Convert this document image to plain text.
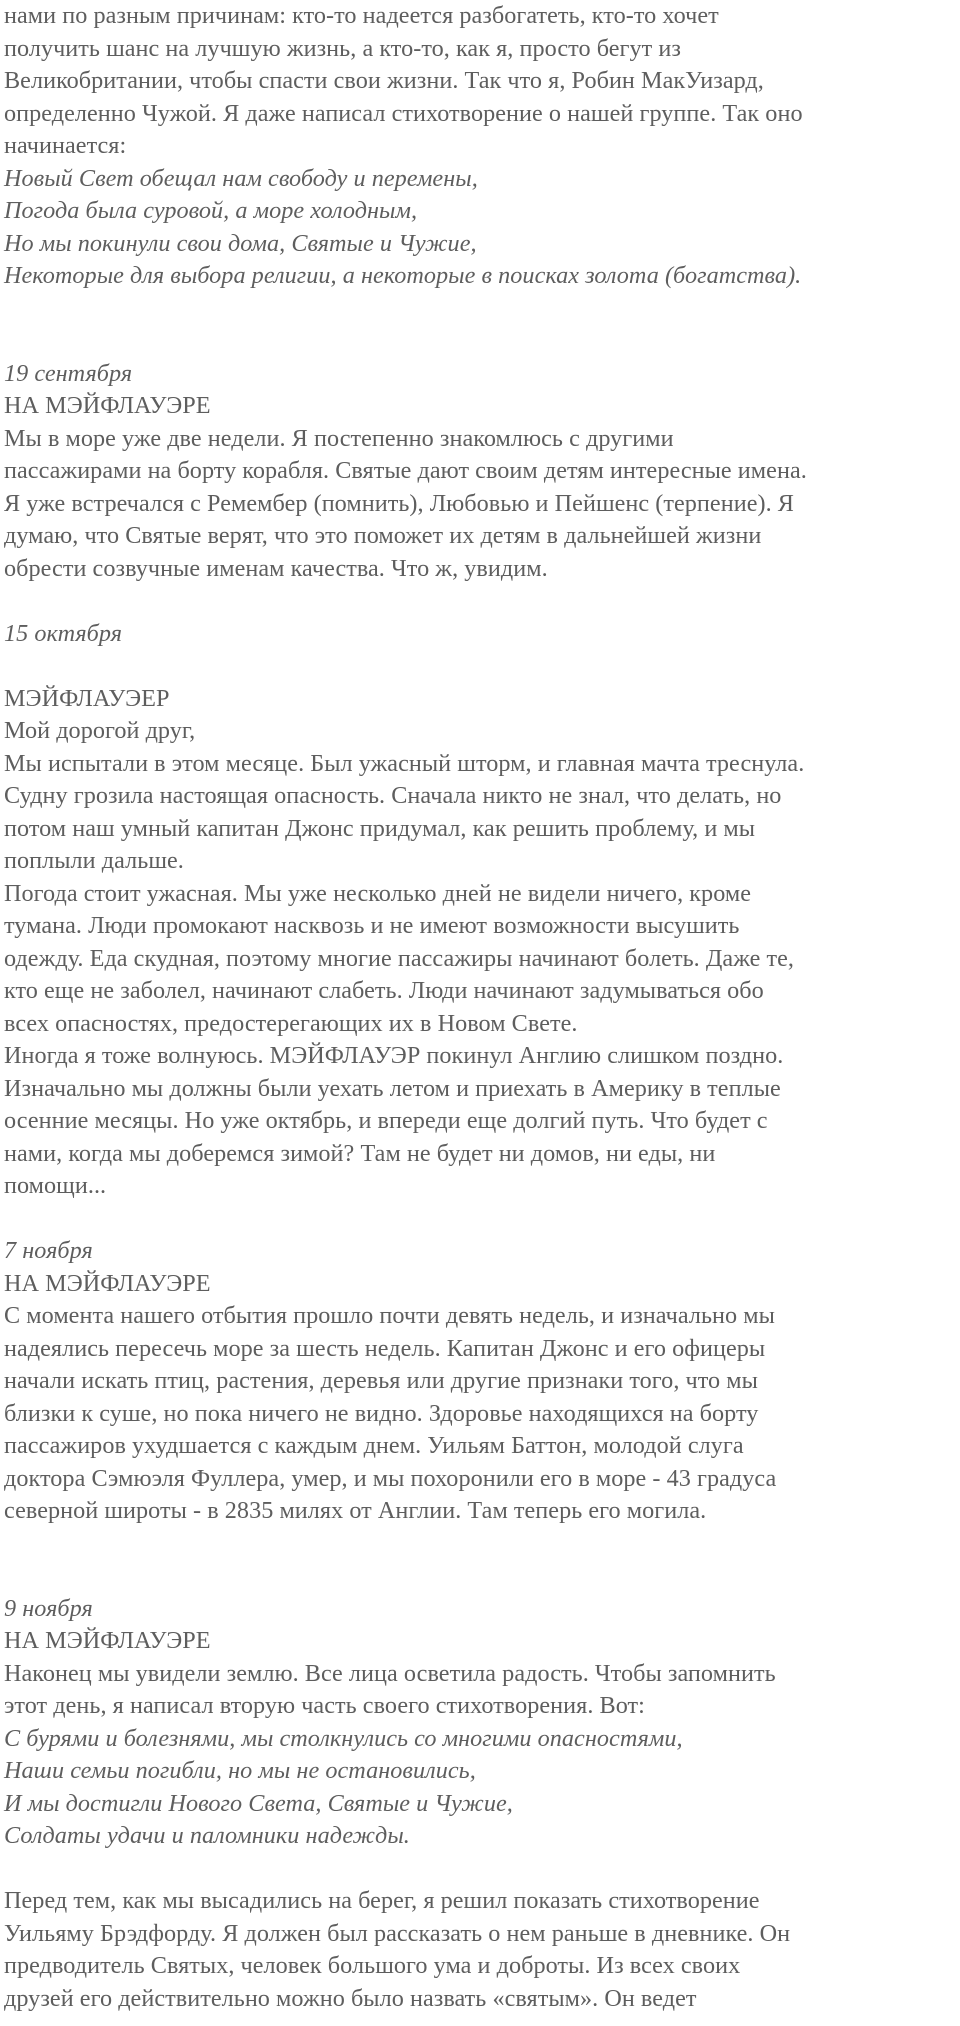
нами по разным причинам: кто-то надеется разбогатеть, кто-то хочет
получить шанс на лучшую жизнь, а кто-то, как я, просто бегут из
Великобритании, чтобы спасти свои жизни. Так что я, Робин МакУизард,
определенно Чужой. Я даже написал стихотворение о нашей группе. Так оно
начинается:
Новый Свет обещал нам свободу и перемены,
Погода была суровой, а море холодным,
Но мы покинули свои дома, Святые и Чужие,
Некоторые для выбора религии, а некоторые в поисках золота (богатства).
19 сентября
НА МЭЙФЛАУЭРЕ
Мы в море уже две недели. Я постепенно знакомлюсь с другими
пассажирами на борту корабля. Святые дают своим детям интересные имена.
Я уже встречался с Ремембер (помнить), Любовью и Пейшенс (терпение). Я
думаю, что Святые верят, что это поможет их детям в дальнейшей жизни
обрести созвучные именам качества. Что ж, увидим.
15 октября
МЭЙФЛАУЭЕР
Мой дорогой друг,
Мы испытали в этом месяце. Был ужасный шторм, и главная мачта треснула.
Судну грозила настоящая опасность. Сначала никто не знал, что делать, но
потом наш умный капитан Джонс придумал, как решить проблему, и мы
поплыли дальше.
Погода стоит ужасная. Мы уже несколько дней не видели ничего, кроме
тумана. Люди промокают насквозь и не имеют возможности высушить
одежду. Еда скудная, поэтому многие пассажиры начинают болеть. Даже те,
кто еще не заболел, начинают слабеть. Люди начинают задумываться обо
всех опасностях, предостерегающих их в Новом Свете.
Иногда я тоже волнуюсь. МЭЙФЛАУЭР покинул Англию слишком поздно.
Изначально мы должны были уехать летом и приехать в Америку в теплые
осенние месяцы. Но уже октябрь, и впереди еще долгий путь. Что будет с
нами, когда мы доберемся зимой? Там не будет ни домов, ни еды, ни
помощи...
7 ноября
НА МЭЙФЛАУЭРЕ
С момента нашего отбытия прошло почти девять недель, и изначально мы
надеялись пересечь море за шесть недель. Капитан Джонс и его офицеры
начали искать птиц, растения, деревья или другие признаки того, что мы
близки к суше, но пока ничего не видно. Здоровье находящихся на борту
пассажиров ухудшается с каждым днем. Уильям Баттон, молодой слуга
доктора Сэмюэля Фуллера, умер, и мы похоронили его в море - 43 градуса
северной широты - в 2835 милях от Англии. Там теперь его могила.
9 ноября
НА МЭЙФЛАУЭРЕ
Наконец мы увидели землю. Все лица осветила радость. Чтобы запомнить
этот день, я написал вторую часть своего стихотворения. Вот:
С бурями и болезнями, мы столкнулись со многими опасностями,
Наши семьи погибли, но мы не остановились,
И мы достигли Нового Света, Святые и Чужие,
Солдаты удачи и паломники надежды.
Перед тем, как мы высадились на берег, я решил показать стихотворение
Уильяму Брэдфорду. Я должен был рассказать о нем раньше в дневнике. Он
предводитель Святых, человек большого ума и доброты. Из всех своих
друзей его действительно можно было назвать «святым». Он ведет
